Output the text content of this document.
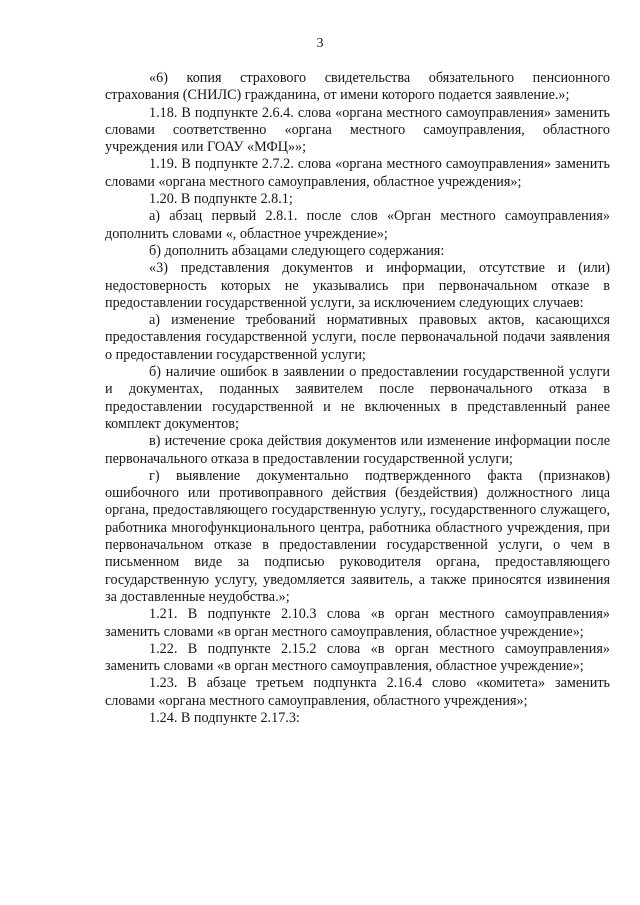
3

«6) копия страхового свидетельства обязательного пенсионного страхования (СНИЛС) гражданина, от имени которого подается заявление.»;

1.18. В подпункте 2.6.4. слова «органа местного самоуправления» заменить словами соответственно «органа местного самоуправления, областного учреждения или ГОАУ «МФЦ»»;

1.19. В подпункте 2.7.2. слова «органа местного самоуправления» заменить словами «органа местного самоуправления, областное учреждения»;

1.20. В подпункте 2.8.1;

а) абзац первый 2.8.1. после слов «Орган местного самоуправления» дополнить словами «, областное учреждение»;

б) дополнить абзацами следующего содержания:

«3) представления документов и информации, отсутствие и (или) недостоверность которых не указывались при первоначальном отказе в предоставлении государственной услуги, за исключением следующих случаев:

а) изменение требований нормативных правовых актов, касающихся предоставления государственной услуги, после первоначальной подачи заявления о предоставлении государственной услуги;

б) наличие ошибок в заявлении о предоставлении государственной услуги и документах, поданных заявителем после первоначального отказа в предоставлении государственной и не включенных в представленный ранее комплект документов;

в) истечение срока действия документов или изменение информации после первоначального отказа в предоставлении государственной услуги;

г) выявление документально подтвержденного факта (признаков) ошибочного или противоправного действия (бездействия) должностного лица органа, предоставляющего государственную услугу,, государственного служащего, работника многофункционального центра, работника областного учреждения, при первоначальном отказе в предоставлении государственной услуги, о чем в письменном виде за подписью руководителя органа, предоставляющего государственную услугу, уведомляется заявитель, а также приносятся извинения за доставленные неудобства.»;

1.21. В подпункте 2.10.3 слова «в орган местного самоуправления» заменить словами «в орган местного самоуправления, областное учреждение»;

1.22. В подпункте 2.15.2 слова «в орган местного самоуправления» заменить словами «в орган местного самоуправления, областное учреждение»;

1.23. В абзаце третьем подпункта 2.16.4 слово «комитета» заменить словами «органа местного самоуправления, областного учреждения»;

1.24. В подпункте 2.17.3:
